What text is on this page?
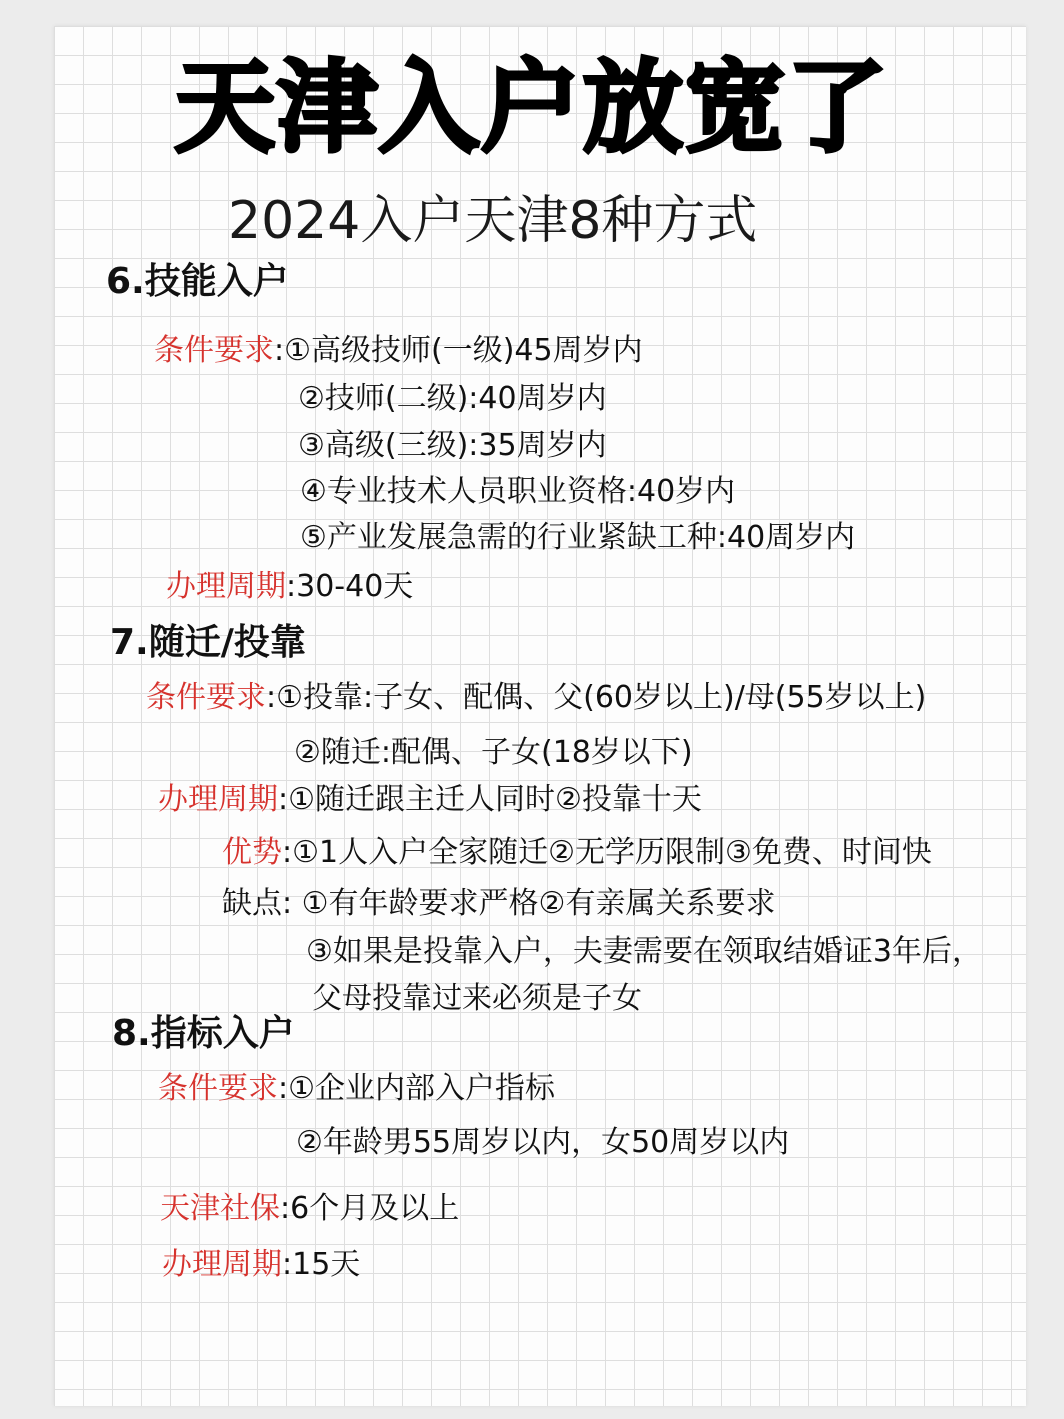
天津入户放宽了
2024入户天津8种方式
6.技能入户
条件要求:①高级技师(一级)45周岁内
②技师(二级):40周岁内
③高级(三级):35周岁内
④专业技术人员职业资格:40岁内
⑤产业发展急需的行业紧缺工种:40周岁内
办理周期:30-40天
7.随迁/投靠
条件要求:①投靠:子女、配偶、父(60岁以上)/母(55岁以上)
②随迁:配偶、子女(18岁以下)
办理周期:①随迁跟主迁人同时②投靠十天
优势:①1人入户全家随迁②无学历限制③免费、时间快
缺点: ①有年龄要求严格②有亲属关系要求
③如果是投靠入户，夫妻需要在领取结婚证3年后，
父母投靠过来必须是子女
8.指标入户
条件要求:①企业内部入户指标
②年龄男55周岁以内，女50周岁以内
天津社保:6个月及以上
办理周期:15天
